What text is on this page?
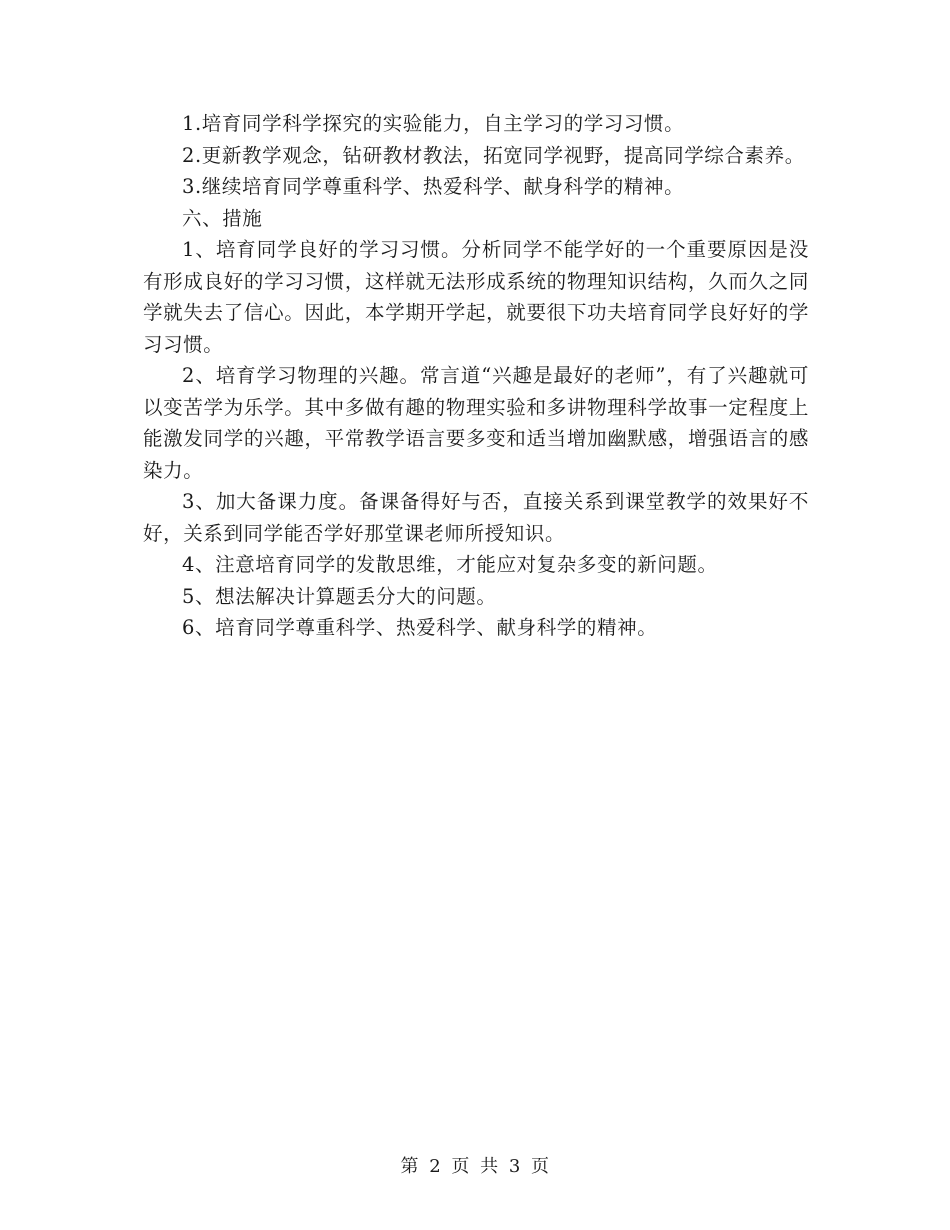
1.培育同学科学探究的实验能力，自主学习的学习习惯。

2.更新教学观念，钻研教材教法，拓宽同学视野，提高同学综合素养。

3.继续培育同学尊重科学、热爱科学、献身科学的精神。

六、措施

1、培育同学良好的学习习惯。分析同学不能学好的一个重要原因是没有形成良好的学习习惯，这样就无法形成系统的物理知识结构，久而久之同学就失去了信心。因此，本学期开学起，就要很下功夫培育同学良好好的学习习惯。

2、培育学习物理的兴趣。常言道“兴趣是最好的老师”，有了兴趣就可以变苦学为乐学。其中多做有趣的物理实验和多讲物理科学故事一定程度上能激发同学的兴趣，平常教学语言要多变和适当增加幽默感，增强语言的感染力。

3、加大备课力度。备课备得好与否，直接关系到课堂教学的效果好不好，关系到同学能否学好那堂课老师所授知识。

4、注意培育同学的发散思维，才能应对复杂多变的新问题。

5、想法解决计算题丢分大的问题。

6、培育同学尊重科学、热爱科学、献身科学的精神。

第 2 页 共 3 页
